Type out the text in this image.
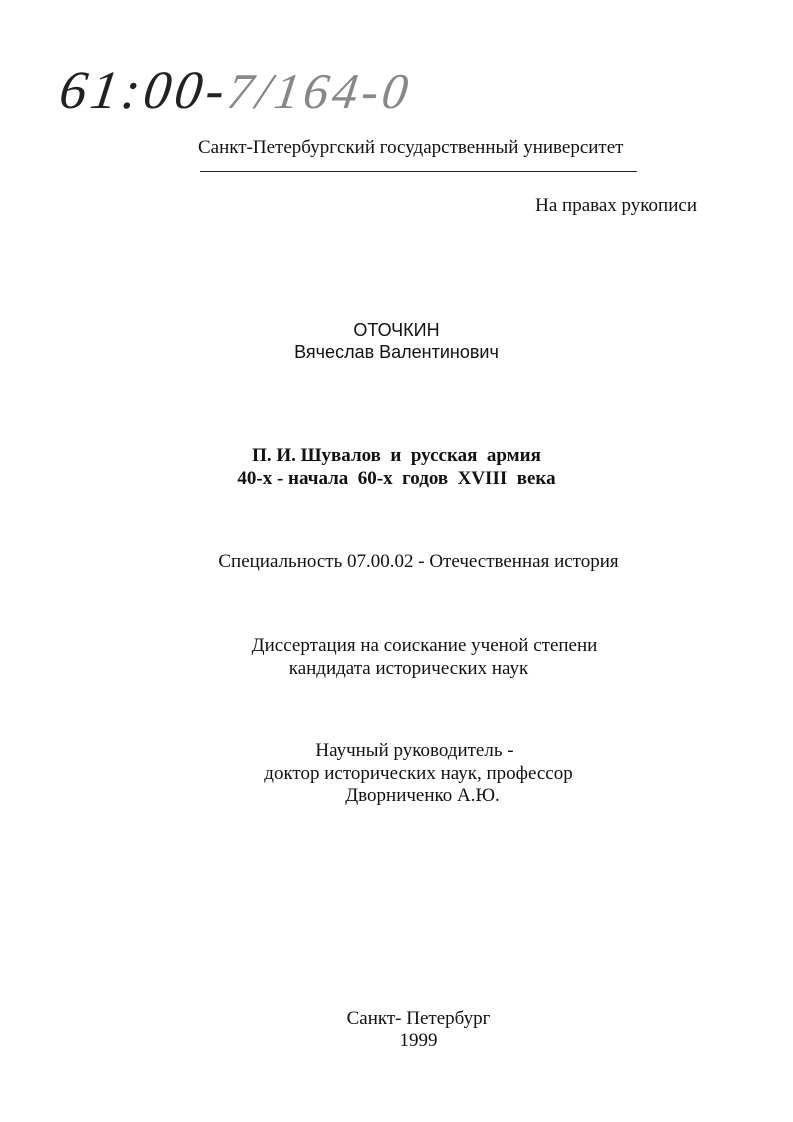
61:00-7/164-0
Санкт-Петербургский государственный университет
На правах рукописи
ОТОЧКИН
Вячеслав Валентинович
П. И. Шувалов  и  русская  армия
40-х - начала  60-х  годов  XVIII  века
Специальность 07.00.02 - Отечественная история
Диссертация на соискание ученой степени
кандидата исторических наук
Научный руководитель -
доктор исторических наук, профессор
Дворниченко А.Ю.
Санкт- Петербург
1999
